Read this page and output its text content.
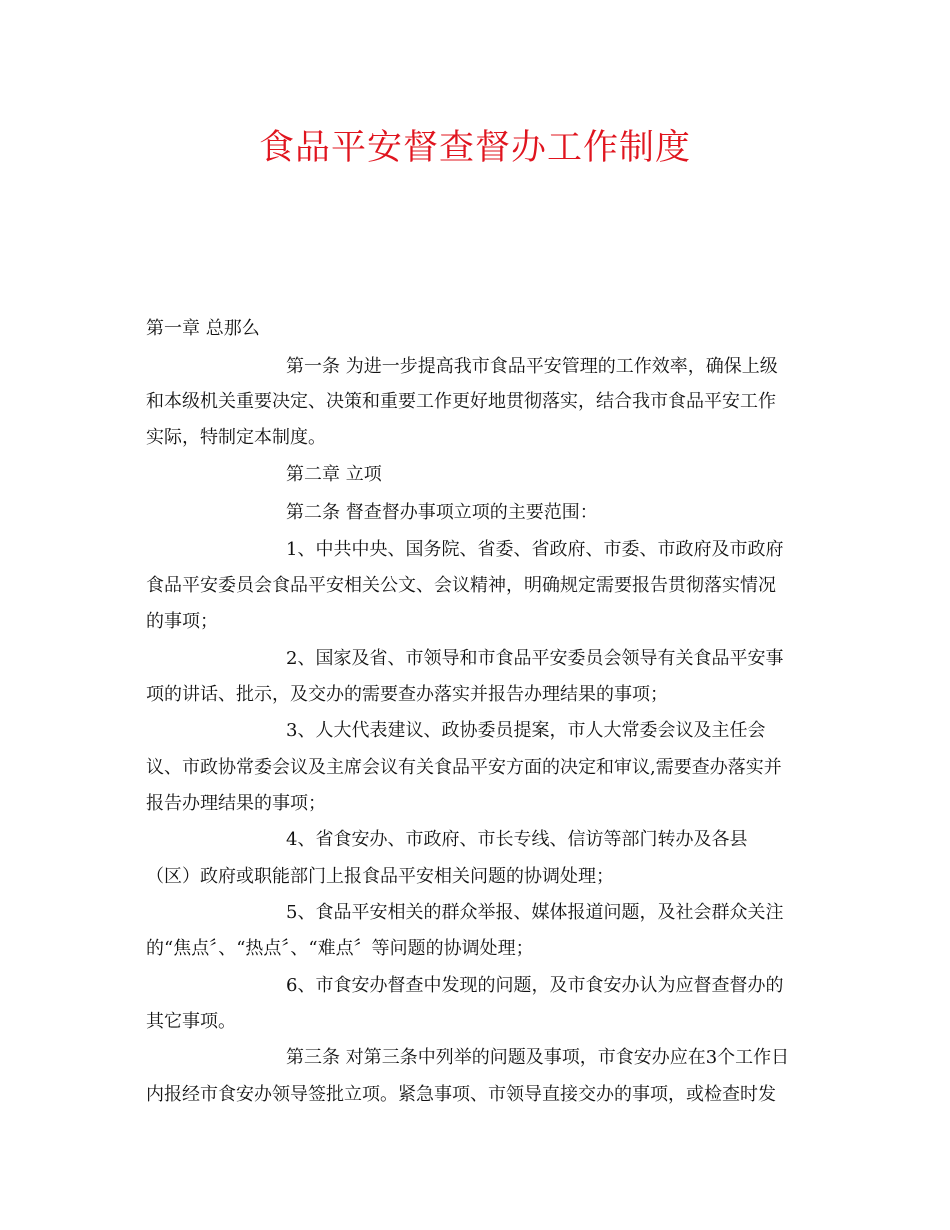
食品平安督查督办工作制度

第一章 总那么

第一条 为进一步提高我市食品平安管理的工作效率，确保上级

和本级机关重要决定、决策和重要工作更好地贯彻落实，结合我市食品平安工作

实际，特制定本制度。

第二章 立项

第二条 督查督办事项立项的主要范围：

1、中共中央、国务院、省委、省政府、市委、市政府及市政府

食品平安委员会食品平安相关公文、会议精神，明确规定需要报告贯彻落实情况

的事项；

2、国家及省、市领导和市食品平安委员会领导有关食品平安事

项的讲话、批示，及交办的需要查办落实并报告办理结果的事项；

3、人大代表建议、政协委员提案，市人大常委会议及主任会

议、市政协常委会议及主席会议有关食品平安方面的决定和审议,需要查办落实并

报告办理结果的事项；

4、省食安办、市政府、市长专线、信访等部门转办及各县

（区）政府或职能部门上报食品平安相关问题的协调处理；

5、食品平安相关的群众举报、媒体报道问题，及社会群众关注

的“焦点〞、“热点〞、“难点〞等问题的协调处理；

6、市食安办督查中发现的问题，及市食安办认为应督查督办的

其它事项。

第三条 对第三条中列举的问题及事项，市食安办应在3个工作日

内报经市食安办领导签批立项。紧急事项、市领导直接交办的事项，或检查时发
